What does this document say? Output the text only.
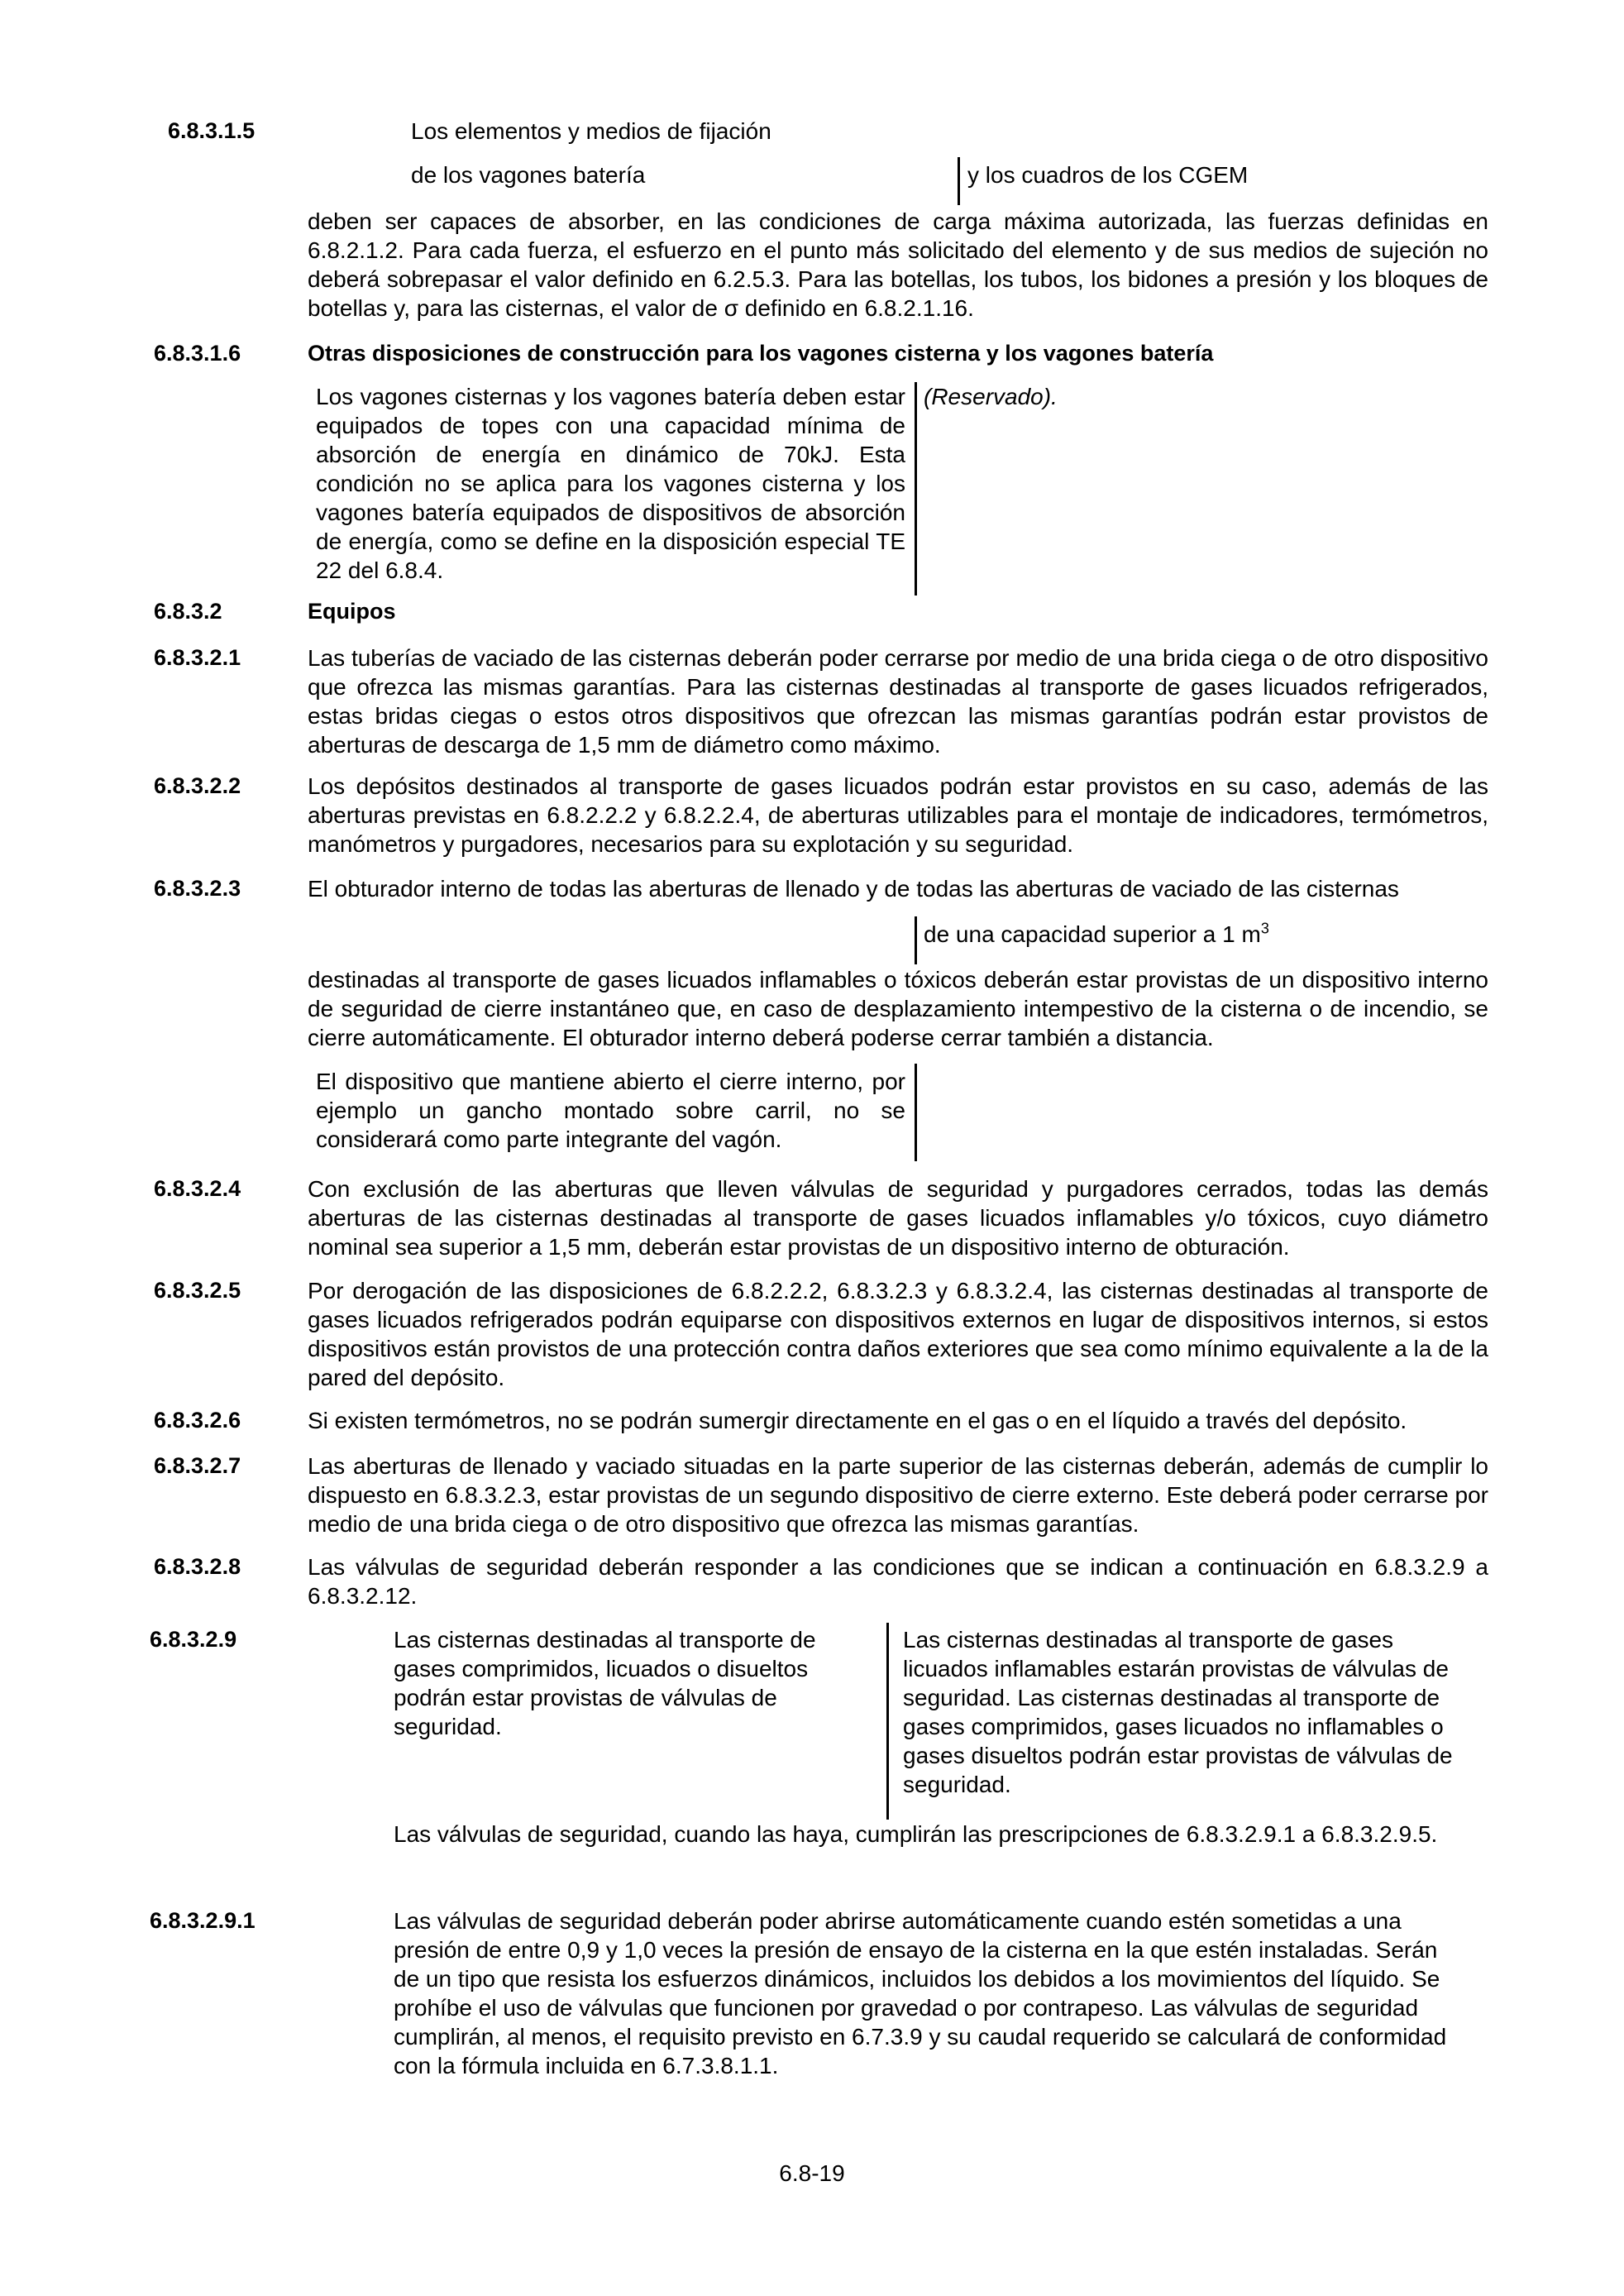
6.8.3.1.5	Los elementos y medios de fijación
de los vagones batería	y los cuadros de los CGEM
deben ser capaces de absorber, en las condiciones de carga máxima autorizada, las fuerzas definidas en 6.8.2.1.2. Para cada fuerza, el esfuerzo en el punto más solicitado del elemento y de sus medios de sujeción no deberá sobrepasar el valor definido en 6.2.5.3. Para las botellas, los tubos, los bidones a presión y los bloques de botellas y, para las cisternas, el valor de σ definido en 6.8.2.1.16.
6.8.3.1.6	Otras disposiciones de construcción para los vagones cisterna y los vagones batería
Los vagones cisternas y los vagones batería deben estar equipados de topes con una capacidad mínima de absorción de energía en dinámico de 70kJ. Esta condición no se aplica para los vagones cisterna y los vagones batería equipados de dispositivos de absorción de energía, como se define en la disposición especial TE 22 del 6.8.4.
(Reservado).
6.8.3.2	Equipos
6.8.3.2.1	Las tuberías de vaciado de las cisternas deberán poder cerrarse por medio de una brida ciega o de otro dispositivo que ofrezca las mismas garantías. Para las cisternas destinadas al transporte de gases licuados refrigerados, estas bridas ciegas o estos otros dispositivos que ofrezcan las mismas garantías podrán estar provistos de aberturas de descarga de 1,5 mm de diámetro como máximo.
6.8.3.2.2	Los depósitos destinados al transporte de gases licuados podrán estar provistos en su caso, además de las aberturas previstas en 6.8.2.2.2 y 6.8.2.2.4, de aberturas utilizables para el montaje de indicadores, termómetros, manómetros y purgadores, necesarios para su explotación y su seguridad.
6.8.3.2.3	El obturador interno de todas las aberturas de llenado y de todas las aberturas de vaciado de las cisternas
de una capacidad superior a 1 $m^3$
destinadas al transporte de gases licuados inflamables o tóxicos deberán estar provistas de un dispositivo interno de seguridad de cierre instantáneo que, en caso de desplazamiento intempestivo de la cisterna o de incendio, se cierre automáticamente. El obturador interno deberá poderse cerrar también a distancia.
El dispositivo que mantiene abierto el cierre interno, por ejemplo un gancho montado sobre carril, no se considerará como parte integrante del vagón.
6.8.3.2.4	Con exclusión de las aberturas que lleven válvulas de seguridad y purgadores cerrados, todas las demás aberturas de las cisternas destinadas al transporte de gases licuados inflamables y/o tóxicos, cuyo diámetro nominal sea superior a 1,5 mm, deberán estar provistas de un dispositivo interno de obturación.
6.8.3.2.5	Por derogación de las disposiciones de 6.8.2.2.2, 6.8.3.2.3 y 6.8.3.2.4, las cisternas destinadas al transporte de gases licuados refrigerados podrán equiparse con dispositivos externos en lugar de dispositivos internos, si estos dispositivos están provistos de una protección contra daños exteriores que sea como mínimo equivalente a la de la pared del depósito.
6.8.3.2.6	Si existen termómetros, no se podrán sumergir directamente en el gas o en el líquido a través del depósito.
6.8.3.2.7	Las aberturas de llenado y vaciado situadas en la parte superior de las cisternas deberán, además de cumplir lo dispuesto en 6.8.3.2.3, estar provistas de un segundo dispositivo de cierre externo. Este deberá poder cerrarse por medio de una brida ciega o de otro dispositivo que ofrezca las mismas garantías.
6.8.3.2.8	Las válvulas de seguridad deberán responder a las condiciones que se indican a continuación en 6.8.3.2.9 a 6.8.3.2.12.
6.8.3.2.9	Las cisternas destinadas al transporte de gases comprimidos, licuados o disueltos podrán estar provistas de válvulas de seguridad.
Las cisternas destinadas al transporte de gases licuados inflamables estarán provistas de válvulas de seguridad. Las cisternas destinadas al transporte de gases comprimidos, gases licuados no inflamables o gases disueltos podrán estar provistas de válvulas de seguridad.
Las válvulas de seguridad, cuando las haya, cumplirán las prescripciones de 6.8.3.2.9.1 a 6.8.3.2.9.5.
6.8.3.2.9.1	Las válvulas de seguridad deberán poder abrirse automáticamente cuando estén sometidas a una presión de entre 0,9 y 1,0 veces la presión de ensayo de la cisterna en la que estén instaladas. Serán de un tipo que resista los esfuerzos dinámicos, incluidos los debidos a los movimientos del líquido. Se prohíbe el uso de válvulas que funcionen por gravedad o por contrapeso. Las válvulas de seguridad cumplirán, al menos, el requisito previsto en 6.7.3.9 y su caudal requerido se calculará de conformidad con la fórmula incluida en 6.7.3.8.1.1.
6.8-19
